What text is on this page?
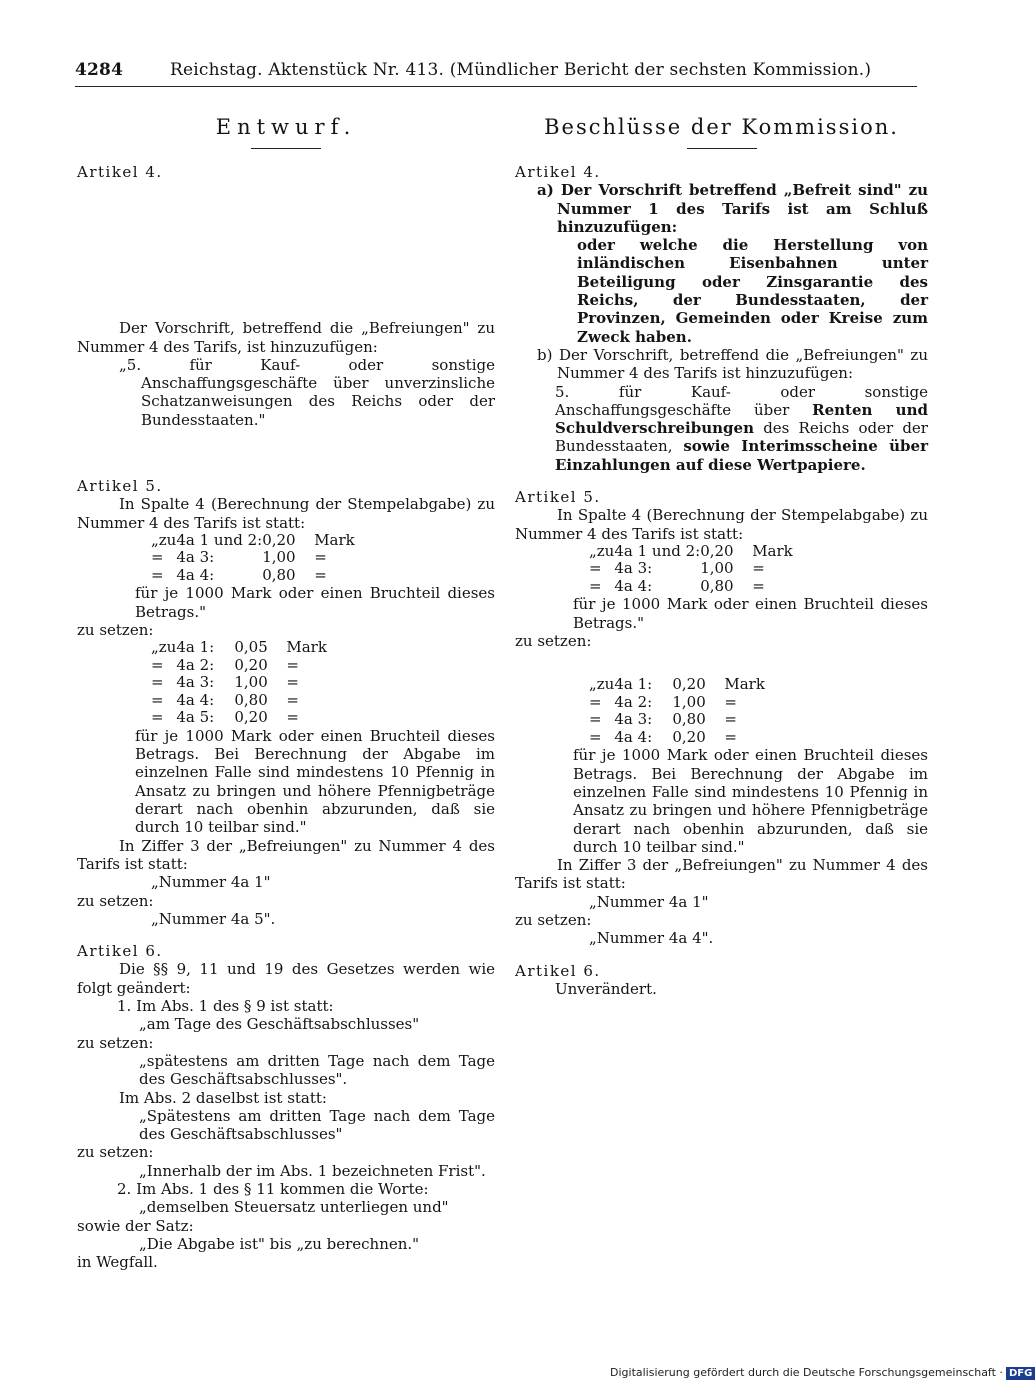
4284	Reichstag. Aktenstück Nr. 413. (Mündlicher Bericht der sechsten Kommission.)
Entwurf.

Artikel 4.

Der Vorschrift, betreffend die „Befreiungen" zu Nummer 4 des Tarifs, ist hinzuzufügen:

„5. für Kauf- oder sonstige Anschaffungsgeschäfte über unverzinsliche Schatzanweisungen des Reichs oder der Bundesstaaten."

Artikel 5.

In Spalte 4 (Berechnung der Stempelabgabe) zu Nummer 4 des Tarifs ist statt:

„zu	4a 1 und 2:	0,20	Mark
=	4a 3:	1,00	=
=	4a 4:	0,80	=

für je 1000 Mark oder einen Bruchteil dieses Betrags."

zu setzen:

„zu	4a 1:	0,05	Mark
=	4a 2:	0,20	=
=	4a 3:	1,00	=
=	4a 4:	0,80	=
=	4a 5:	0,20	=

für je 1000 Mark oder einen Bruchteil dieses Betrags. Bei Berechnung der Abgabe im einzelnen Falle sind mindestens 10 Pfennig in Ansatz zu bringen und höhere Pfennigbeträge derart nach obenhin abzurunden, daß sie durch 10 teilbar sind."

In Ziffer 3 der „Befreiungen" zu Nummer 4 des Tarifs ist statt:

„Nummer 4a 1"

zu setzen:

„Nummer 4a 5".

Artikel 6.

Die §§ 9, 11 und 19 des Gesetzes werden wie folgt geändert:

1. Im Abs. 1 des § 9 ist statt:

„am Tage des Geschäftsabschlusses"

zu setzen:

„spätestens am dritten Tage nach dem Tage des Geschäftsabschlusses".

Im Abs. 2 daselbst ist statt:

„Spätestens am dritten Tage nach dem Tage des Geschäftsabschlusses"

zu setzen:

„Innerhalb der im Abs. 1 bezeichneten Frist".

2. Im Abs. 1 des § 11 kommen die Worte:

„demselben Steuersatz unterliegen und"

sowie der Satz:

„Die Abgabe ist" bis „zu berechnen."

in Wegfall.

Beschlüsse der Kommission.

Artikel 4.

a) Der Vorschrift betreffend „Befreit sind" zu Nummer 1 des Tarifs ist am Schluß hinzuzufügen:

oder welche die Herstellung von inländischen Eisenbahnen unter Beteiligung oder Zinsgarantie des Reichs, der Bundesstaaten, der Provinzen, Gemeinden oder Kreise zum Zweck haben.

b) Der Vorschrift, betreffend die „Befreiungen" zu Nummer 4 des Tarifs ist hinzuzufügen:

5. für Kauf- oder sonstige Anschaffungsgeschäfte über Renten und Schuldverschreibungen des Reichs oder der Bundesstaaten, sowie Interimsscheine über Einzahlungen auf diese Wertpapiere.

Artikel 5.

In Spalte 4 (Berechnung der Stempelabgabe) zu Nummer 4 des Tarifs ist statt:

„zu	4a 1 und 2:	0,20	Mark
=	4a 3:	1,00	=
=	4a 4:	0,80	=

für je 1000 Mark oder einen Bruchteil dieses Betrags."

zu setzen:

„zu	4a 1:	0,20	Mark
=	4a 2:	1,00	=
=	4a 3:	0,80	=
=	4a 4:	0,20	=

für je 1000 Mark oder einen Bruchteil dieses Betrags. Bei Berechnung der Abgabe im einzelnen Falle sind mindestens 10 Pfennig in Ansatz zu bringen und höhere Pfennigbeträge derart nach obenhin abzurunden, daß sie durch 10 teilbar sind."

In Ziffer 3 der „Befreiungen" zu Nummer 4 des Tarifs ist statt:

„Nummer 4a 1"

zu setzen:

„Nummer 4a 4".

Artikel 6.

Unverändert.

Digitalisierung gefördert durch die Deutsche Forschungsgemeinschaft · DFG
